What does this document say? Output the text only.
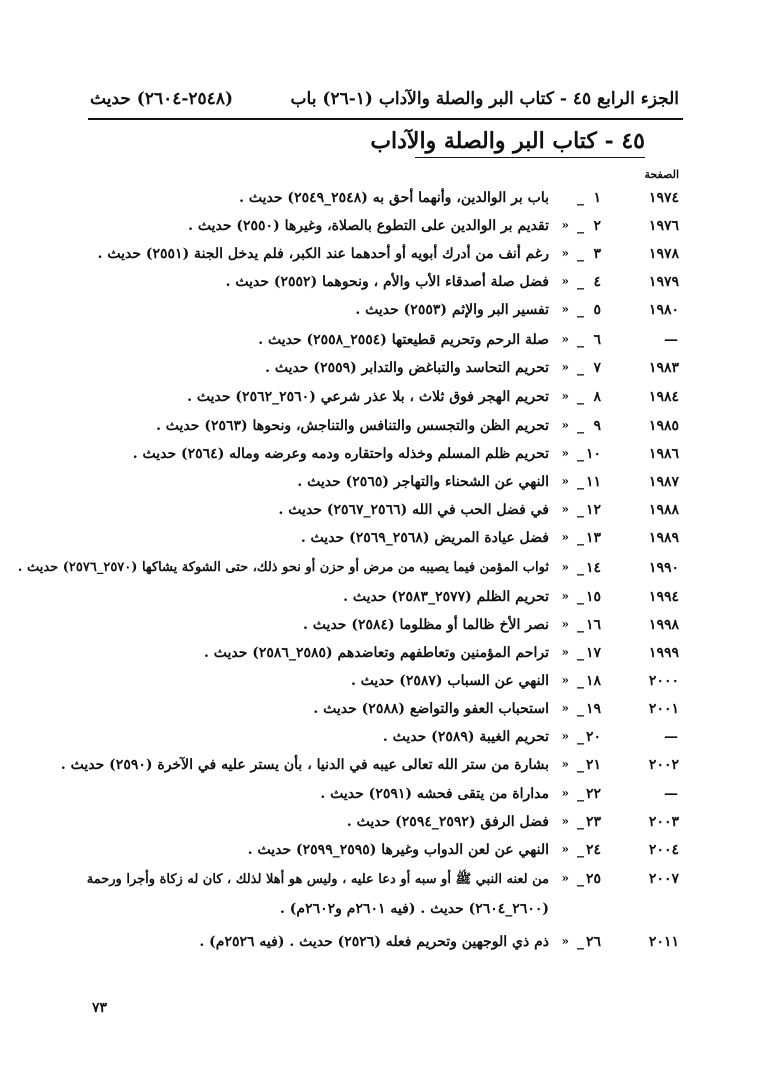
الجزء الرابع ٤٥ - كتاب البر والصلة والآداب (١-٢٦) باب
(٢٥٤٨-٢٦٠٤) حديث
٤٥ - كتاب البر والصلة والآداب
الصفحة
١٩٧٤
١
_
باب بر الوالدين، وأنهما أحق به (٢٥٤٨_٢٥٤٩) حديث .
١٩٧٦
٢
_
«
تقديم بر الوالدين على التطوع بالصلاة، وغيرها (٢٥٥٠) حديث .
١٩٧٨
٣
_
«
رغم أنف من أدرك أبويه أو أحدهما عند الكبر، فلم يدخل الجنة (٢٥٥١) حديث .
١٩٧٩
٤
_
«
فضل صلة أصدقاء الأب والأم ، ونحوهما (٢٥٥٢) حديث .
١٩٨٠
٥
_
«
تفسير البر والإثم (٢٥٥٣) حديث .
—
٦
_
«
صلة الرحم وتحريم قطيعتها (٢٥٥٤_٢٥٥٨) حديث .
١٩٨٣
٧
_
«
تحريم التحاسد والتباغض والتدابر (٢٥٥٩) حديث .
١٩٨٤
٨
_
«
تحريم الهجر فوق ثلاث ، بلا عذر شرعي (٢٥٦٠_٢٥٦٢) حديث .
١٩٨٥
٩
_
«
تحريم الظن والتجسس والتنافس والتناجش، ونحوها (٢٥٦٣) حديث .
١٩٨٦
١٠
_
«
تحريم ظلم المسلم وخذله واحتقاره ودمه وعرضه وماله (٢٥٦٤) حديث .
١٩٨٧
١١
_
«
النهي عن الشحناء والتهاجر (٢٥٦٥) حديث .
١٩٨٨
١٢
_
«
في فضل الحب في الله (٢٥٦٦_٢٥٦٧) حديث .
١٩٨٩
١٣
_
«
فضل عيادة المريض (٢٥٦٨_٢٥٦٩) حديث .
١٩٩٠
١٤
_
«
ثواب المؤمن فيما يصيبه من مرض أو حزن أو نحو ذلك، حتى الشوكة يشاكها (٢٥٧٠_٢٥٧٦) حديث .
١٩٩٤
١٥
_
«
تحريم الظلم (٢٥٧٧_٢٥٨٣) حديث .
١٩٩٨
١٦
_
«
نصر الأخ ظالما أو مظلوما (٢٥٨٤) حديث .
١٩٩٩
١٧
_
«
تراحم المؤمنين وتعاطفهم وتعاضدهم (٢٥٨٥_٢٥٨٦) حديث .
٢٠٠٠
١٨
_
«
النهي عن السباب (٢٥٨٧) حديث .
٢٠٠١
١٩
_
«
استحباب العفو والتواضع (٢٥٨٨) حديث .
—
٢٠
_
«
تحريم الغيبة (٢٥٨٩) حديث .
٢٠٠٢
٢١
_
«
بشارة من ستر الله تعالى عيبه في الدنيا ، بأن يستر عليه في الآخرة (٢٥٩٠) حديث .
—
٢٢
_
«
مداراة من يتقى فحشه (٢٥٩١) حديث .
٢٠٠٣
٢٣
_
«
فضل الرفق (٢٥٩٢_٢٥٩٤) حديث .
٢٠٠٤
٢٤
_
«
النهي عن لعن الدواب وغيرها (٢٥٩٥_٢٥٩٩) حديث .
٢٠٠٧
٢٥
_
«
من لعنه النبي ﷺ أو سبه أو دعا عليه ، وليس هو أهلا لذلك ، كان له زكاة وأجرا ورحمة
(٢٦٠٠_٢٦٠٤) حديث . (فيه ٢٦٠١م و٢٦٠٢م) .
٢٠١١
٢٦
_
«
ذم ذي الوجهين وتحريم فعله (٢٥٢٦) حديث . (فيه ٢٥٢٦م) .
٧٣
